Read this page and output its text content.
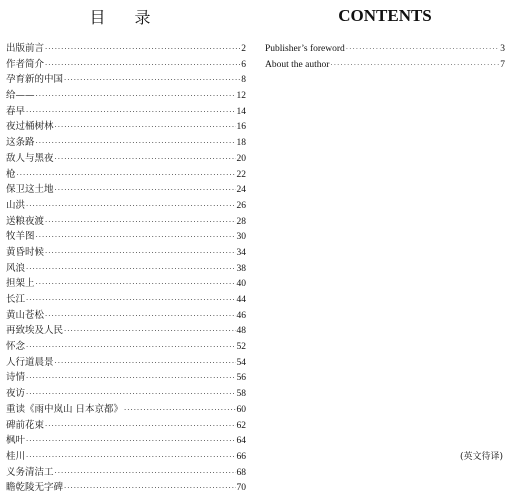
目 录
出版前言 ·····	2
作者简介 ·····	6
孕育新的中国 ·····	8
给—— ·····	12
春早 ·····	14
夜过桶树林 ·····	16
这条路 ·····	18
敌人与黑夜 ·····	20
枪 ·····	22
保卫这土地 ·····	24
山洪 ·····	26
送粮夜渡 ·····	28
牧羊图 ·····	30
黄昏时候 ·····	34
风浪 ·····	38
担架上 ·····	40
长江 ·····	44
黄山苍松 ·····	46
再致埃及人民 ·····	48
怀念 ·····	52
人行道晨景 ·····	54
诗情 ·····	56
夜访 ·····	58
重读《雨中岚山 日本京都》 ·····	60
碑前花束 ·····	62
枫叶 ·····	64
桂川 ·····	66
义务清洁工 ·····	68
瞻乾陵无字碑 ·····	70
CONTENTS
Publisher’s foreword ·····	3
About the author ·····	7
(英文待译)
